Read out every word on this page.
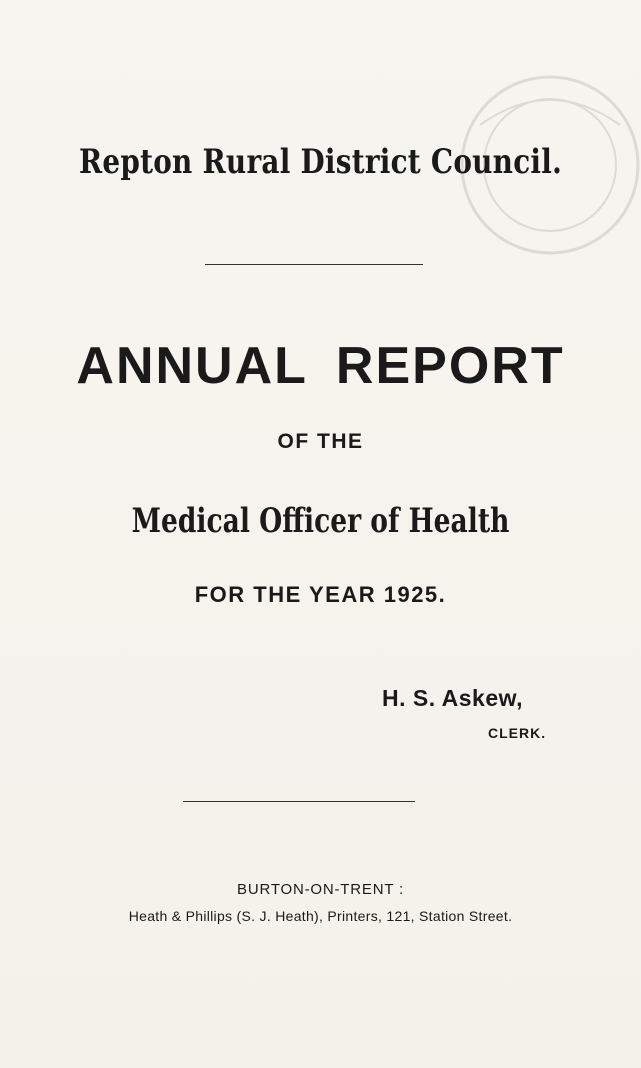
Repton Rural District Council.
ANNUAL REPORT
OF THE
Medical Officer of Health
FOR THE YEAR 1925.
H. S. Askew,
CLERK.
BURTON-ON-TRENT :
Heath & Phillips (S. J. Heath), Printers, 121, Station Street.
